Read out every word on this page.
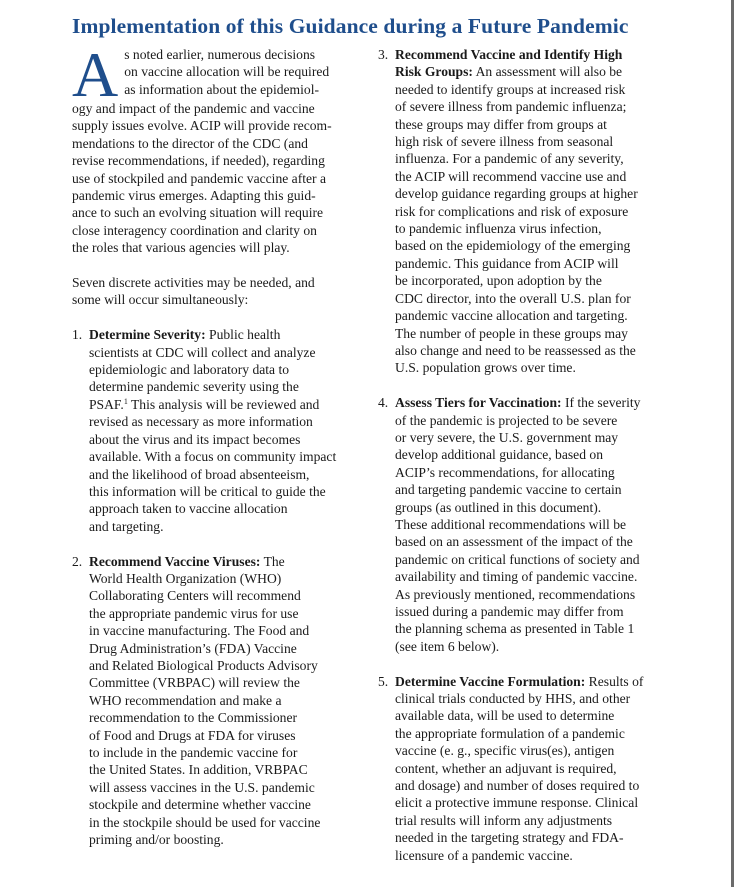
Implementation of this Guidance during a Future Pandemic
A s noted earlier, numerous decisions
on vaccine allocation will be required
as information about the epidemiol-
ogy and impact of the pandemic and vaccine
supply issues evolve. ACIP will provide recom-
mendations to the director of the CDC (and
revise recommendations, if needed), regarding
use of stockpiled and pandemic vaccine after a
pandemic virus emerges. Adapting this guid-
ance to such an evolving situation will require
close interagency coordination and clarity on
the roles that various agencies will play.
Seven discrete activities may be needed, and
some will occur simultaneously:
1. Determine Severity: Public health
scientists at CDC will collect and analyze
epidemiologic and laboratory data to
determine pandemic severity using the
PSAF.$^1$ This analysis will be reviewed and
revised as necessary as more information
about the virus and its impact becomes
available. With a focus on community impact
and the likelihood of broad absenteeism,
this information will be critical to guide the
approach taken to vaccine allocation
and targeting.
2. Recommend Vaccine Viruses: The
World Health Organization (WHO)
Collaborating Centers will recommend
the appropriate pandemic virus for use
in vaccine manufacturing. The Food and
Drug Administration’s (FDA) Vaccine
and Related Biological Products Advisory
Committee (VRBPAC) will review the
WHO recommendation and make a
recommendation to the Commissioner
of Food and Drugs at FDA for viruses
to include in the pandemic vaccine for
the United States. In addition, VRBPAC
will assess vaccines in the U.S. pandemic
stockpile and determine whether vaccine
in the stockpile should be used for vaccine
priming and/or boosting.
3. Recommend Vaccine and Identify High
Risk Groups: An assessment will also be
needed to identify groups at increased risk
of severe illness from pandemic influenza;
these groups may differ from groups at
high risk of severe illness from seasonal
influenza. For a pandemic of any severity,
the ACIP will recommend vaccine use and
develop guidance regarding groups at higher
risk for complications and risk of exposure
to pandemic influenza virus infection,
based on the epidemiology of the emerging
pandemic. This guidance from ACIP will
be incorporated, upon adoption by the
CDC director, into the overall U.S. plan for
pandemic vaccine allocation and targeting.
The number of people in these groups may
also change and need to be reassessed as the
U.S. population grows over time.
4. Assess Tiers for Vaccination: If the severity
of the pandemic is projected to be severe
or very severe, the U.S. government may
develop additional guidance, based on
ACIP’s recommendations, for allocating
and targeting pandemic vaccine to certain
groups (as outlined in this document).
These additional recommendations will be
based on an assessment of the impact of the
pandemic on critical functions of society and
availability and timing of pandemic vaccine.
As previously mentioned, recommendations
issued during a pandemic may differ from
the planning schema as presented in Table 1
(see item 6 below).
5. Determine Vaccine Formulation: Results of
clinical trials conducted by HHS, and other
available data, will be used to determine
the appropriate formulation of a pandemic
vaccine (e. g., specific virus(es), antigen
content, whether an adjuvant is required,
and dosage) and number of doses required to
elicit a protective immune response. Clinical
trial results will inform any adjustments
needed in the targeting strategy and FDA-
licensure of a pandemic vaccine.
